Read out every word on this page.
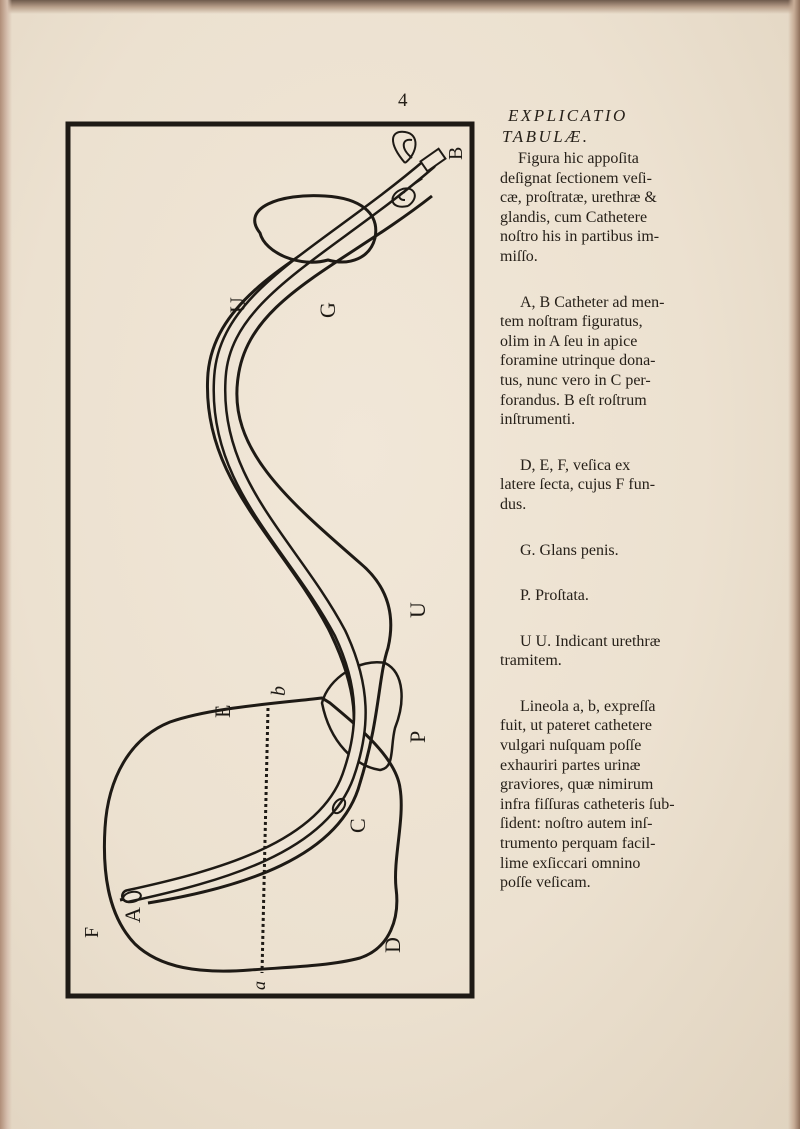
4
A
B
C
D
E
F
G
P
U
U
a
b
EXPLICATIO
TABULÆ.
Figura hic appoſita
deſignat ſectionem veſi-
cæ, proſtratæ, urethræ &
glandis, cum Cathetere
noſtro his in partibus im-
miſſo.
A, B Catheter ad men-
tem noſtram figuratus,
olim in A ſeu in apice
foramine utrinque dona-
tus, nunc vero in C per-
forandus. B eſt roſtrum
inſtrumenti.
D, E, F, veſica ex
latere ſecta, cujus F fun-
dus.
G. Glans penis.
P. Proſtata.
U U. Indicant urethræ
tramitem.
Lineola a, b, expreſſa
fuit, ut pateret cathetere
vulgari nuſquam poſſe
exhauriri partes urinæ
graviores, quæ nimirum
infra fiſſuras catheteris ſub-
ſident: noſtro autem inſ-
trumento perquam facil-
lime exſiccari omnino
poſſe veſicam.
